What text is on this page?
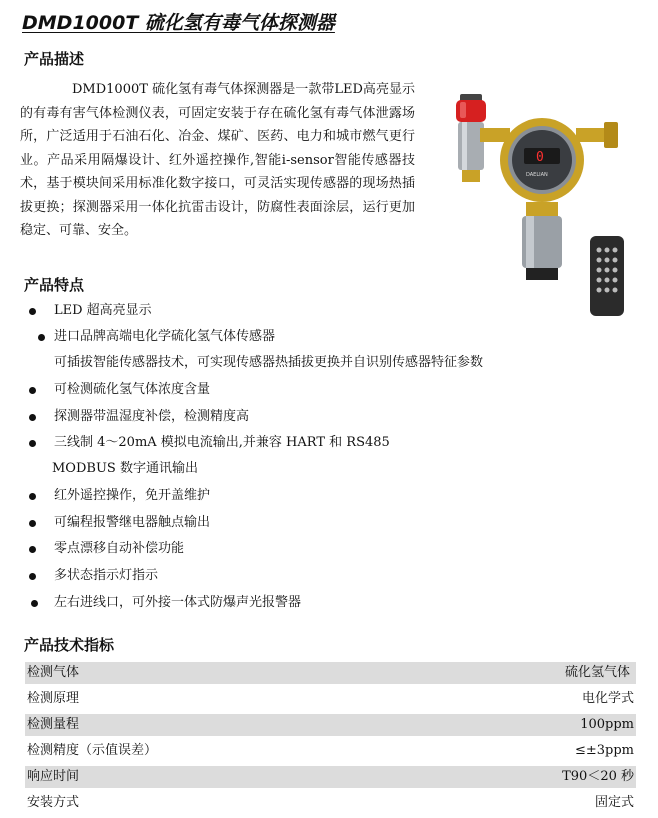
DMD1000T 硫化氢有毒气体探测器
产品描述
DMD1000T 硫化氢有毒气体探测器是一款带LED高亮显示的有毒有害气体检测仪表，可固定安装于存在硫化氢有毒气体泄露场所，广泛适用于石油石化、冶金、煤矿、医药、电力和城市燃气更行业。产品采用隔爆设计、红外遥控操作,智能i-sensor智能传感器技术，基于模块间采用标准化数字接口，可灵活实现传感器的现场热插拔更换；探测器采用一体化抗雷击设计，防腐性表面涂层，运行更加稳定、可靠、安全。
0
DAELIAN
产品特点
LED 超高亮显示
进口品牌高端电化学硫化氢气体传感器
可插拔智能传感器技术，可实现传感器热插拔更换并自识别传感器特征参数
可检测硫化氢气体浓度含量
探测器带温湿度补偿，检测精度高
三线制 4～20mA 模拟电流输出,并兼容 HART 和 RS485
MODBUS 数字通讯输出
红外遥控操作，免开盖维护
可编程报警继电器触点输出
零点漂移自动补偿功能
多状态指示灯指示
左右进线口，可外接一体式防爆声光报警器
产品技术指标
检测气体	硫化氢气体
检测原理	电化学式
检测量程	100ppm
检测精度（示值误差）	≤±3ppm
响应时间	T90＜20 秒
安装方式	固定式
